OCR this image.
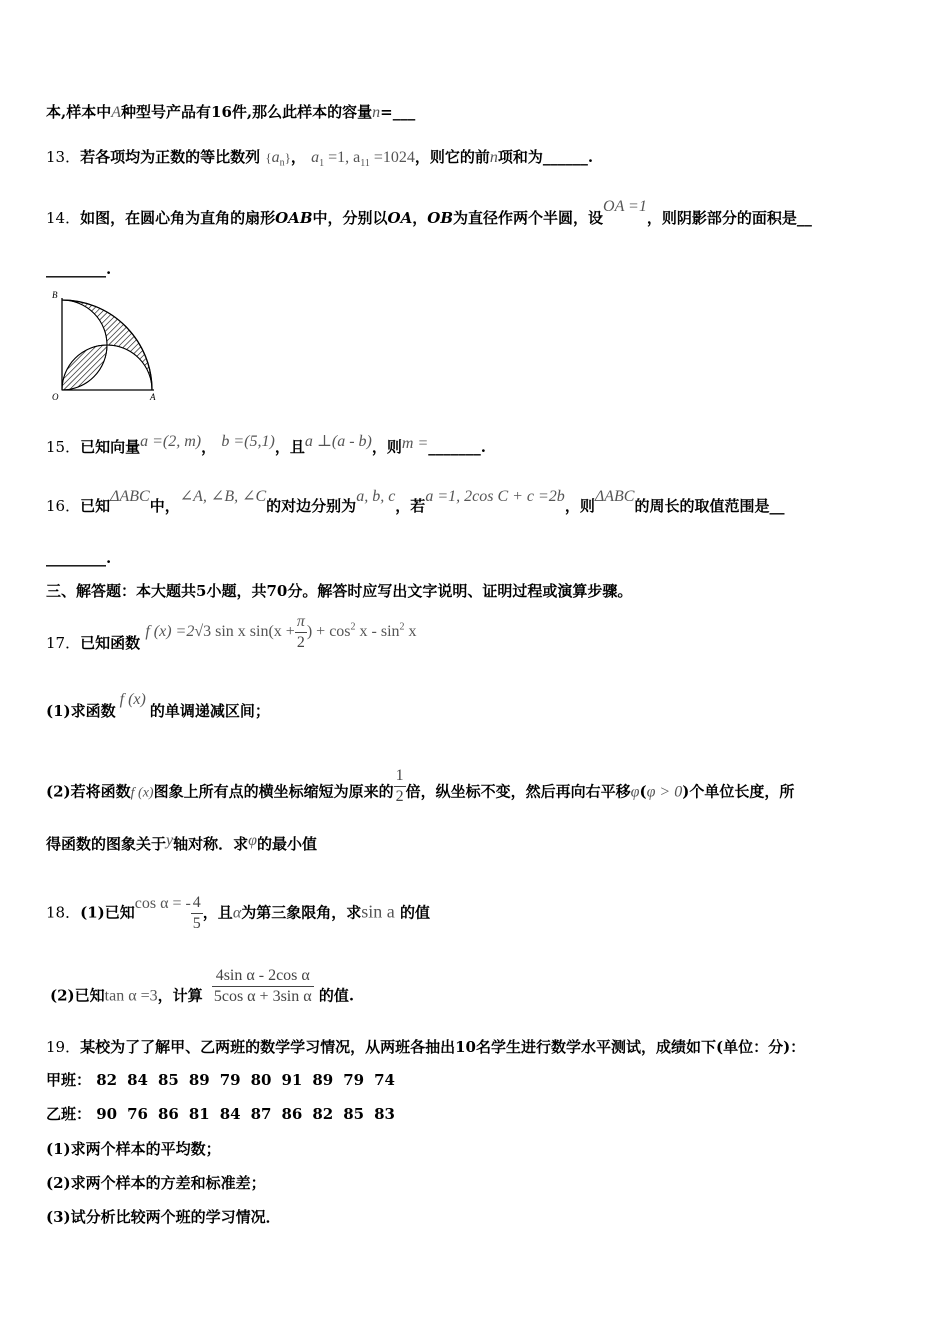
本,样本中A种型号产品有16件,那么此样本的容量n=___
13．若各项均为正数的等比数列 $\{a_n\}$， $a_1 =1$, $a_{11} =1024$，则它的前n项和为______.
14．如图，在圆心角为直角的扇形OAB中，分别以OA，OB为直径作两个半圆，设OA =1，则阴影部分的面积是__
________.
B
O	A
15．已知向量a =(2, m)， b =(5,1)，且a ⊥(a - b)，则m =_______.
16．已知ΔABC中，∠A, ∠B, ∠C的对边分别为a, b, c，若a =1, 2cos C + c =2b，则ΔABC的周长的取值范围是__
________.
三、解答题：本大题共5小题，共70分。解答时应写出文字说明、证明过程或演算步骤。
17．已知函数 f (x) =2√3 sin x $\sin(x + \frac{\pi}{2}$ ) + $\cos^2 x - \sin^2 x$
(1)求函数f (x)的单调递减区间；
(2)若将函数f (x)图象上所有点的横坐标缩短为原来的 $\frac{1}{2}$ 倍，纵坐标不变，然后再向右平移φ(φ > 0)个单位长度，所
得函数的图象关于y轴对称．求φ的最小值
18．(1)已知cos α = - $\frac{4}{5}$ ，且α为第三象限角，求sin a 的值
(2)已知tan α =3，计算 $\frac{\text{4sin α - 2cos α}}{\text{5cos α + 3sin α}}$ 的值.
19．某校为了了解甲、乙两班的数学学习情况，从两班各抽出10名学生进行数学水平测试，成绩如下(单位：分)：
甲班： 82 84 85 89 79 80 91 89 79 74
乙班： 90 76 86 81 84 87 86 82 85 83
(1)求两个样本的平均数；
(2)求两个样本的方差和标准差；
(3)试分析比较两个班的学习情况．
